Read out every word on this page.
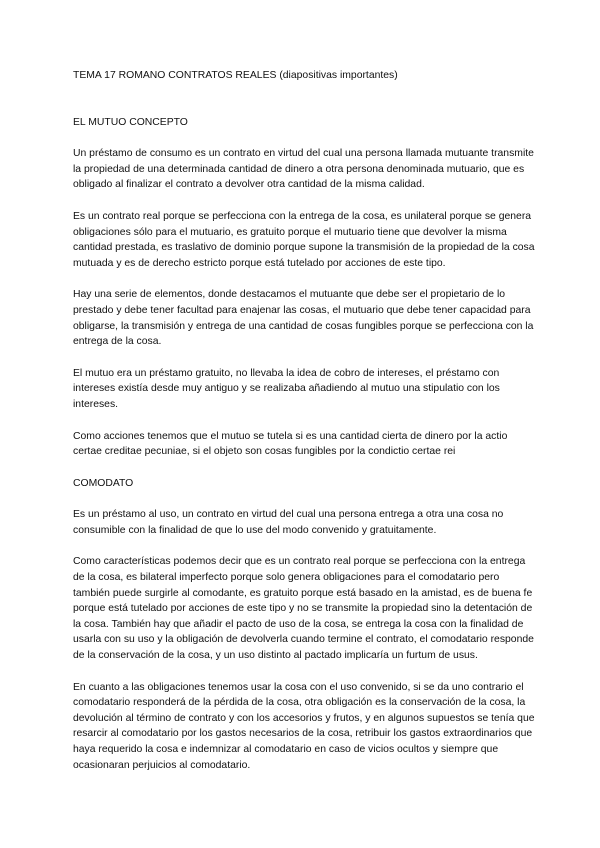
TEMA 17 ROMANO CONTRATOS REALES (diapositivas importantes)

EL MUTUO CONCEPTO

Un préstamo de consumo es un contrato en virtud del cual una persona llamada mutuante transmite la propiedad de una determinada cantidad de dinero a otra persona denominada mutuario, que es obligado al finalizar el contrato a devolver otra cantidad de la misma calidad.

Es un contrato real porque se perfecciona con la entrega de la cosa, es unilateral porque se genera obligaciones sólo para el mutuario, es gratuito porque el mutuario tiene que devolver la misma cantidad prestada, es traslativo de dominio porque supone la transmisión de la propiedad de la cosa mutuada y es de derecho estricto porque está tutelado por acciones de este tipo.

Hay una serie de elementos, donde destacamos el mutuante que debe ser el propietario de lo prestado y debe tener facultad para enajenar las cosas, el mutuario que debe tener capacidad para obligarse, la transmisión y entrega de una cantidad de cosas fungibles porque se perfecciona con la entrega de la cosa.

El mutuo era un préstamo gratuito, no llevaba la idea de cobro de intereses, el préstamo con intereses existía desde muy antiguo y se realizaba añadiendo al mutuo una stipulatio con los intereses.

Como acciones tenemos que el mutuo se tutela si es una cantidad cierta de dinero por la actio certae creditae pecuniae, si el objeto son cosas fungibles por la condictio certae rei

COMODATO

Es un préstamo al uso, un contrato en virtud del cual una persona entrega a otra una cosa no consumible con la finalidad de que lo use del modo convenido y gratuitamente.

Como características podemos decir que es un contrato real porque se perfecciona con la entrega de la cosa, es bilateral imperfecto porque solo genera obligaciones para el comodatario pero también puede surgirle al comodante, es gratuito porque está basado en la amistad, es de buena fe porque está tutelado por acciones de este tipo y no se transmite la propiedad sino la detentación de la cosa. También hay que añadir el pacto de uso de la cosa, se entrega la cosa con la finalidad de usarla con su uso y la obligación de devolverla cuando termine el contrato, el comodatario responde de la conservación de la cosa, y un uso distinto al pactado implicaría un furtum de usus.

En cuanto a las obligaciones tenemos usar la cosa con el uso convenido, si se da uno contrario el comodatario responderá de la pérdida de la cosa, otra obligación es la conservación de la cosa, la devolución al término de contrato y con los accesorios y frutos, y en algunos supuestos se tenía que resarcir al comodatario por los gastos necesarios de la cosa, retribuir los gastos extraordinarios que haya requerido la cosa e indemnizar al comodatario en caso de vicios ocultos y siempre que ocasionaran perjuicios al comodatario.
